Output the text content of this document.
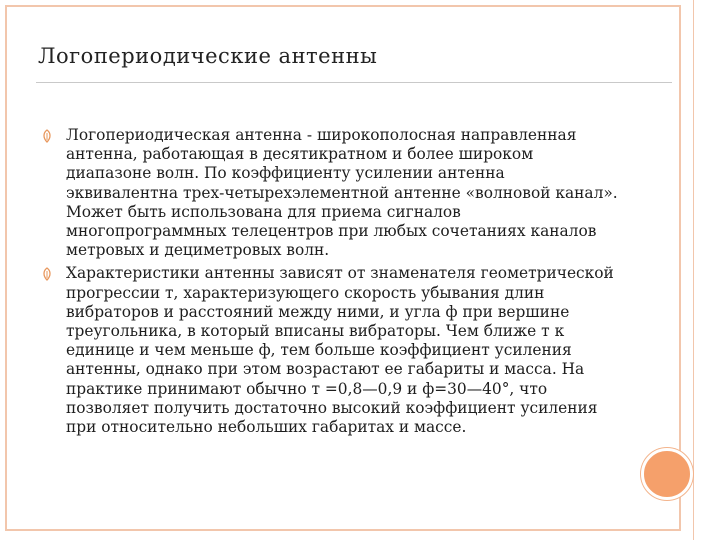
Логопериодические антенны
Логопериодическая антенна - широкополосная направленная антенна, работающая в десятикратном и более широком диапазоне волн. По коэффициенту усилении антенна эквивалентна трех-четырехэлементной антенне «волновой канал». Может быть использована для приема сигналов многопрограммных телецентров при любых сочетаниях каналов метровых и дециметровых волн.
Характеристики антенны зависят от знаменателя геометрической прогрессии т, характеризующего скорость убывания длин вибраторов и расстояний между ними, и угла ф при вершине треугольника, в который вписаны вибраторы. Чем ближе т к единице и чем меньше ф, тем больше коэффициент усиления антенны, однако при этом возрастают ее габариты и масса. На практике принимают обычно т =0,8—0,9 и ф=30—40°, что позволяет получить достаточно высокий коэффициент усиления при относительно небольших габаритах и массе.
